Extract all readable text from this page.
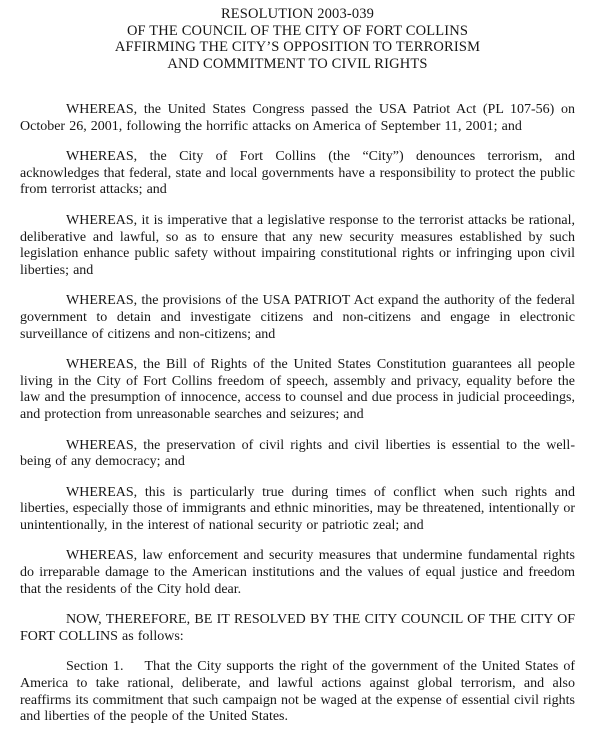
RESOLUTION 2003-039
OF THE COUNCIL OF THE CITY OF FORT COLLINS
AFFIRMING THE CITY’S OPPOSITION TO TERRORISM
AND COMMITMENT TO CIVIL RIGHTS

WHEREAS, the United States Congress passed the USA Patriot Act (PL 107-56) on October 26, 2001, following the horrific attacks on America of September 11, 2001; and

WHEREAS, the City of Fort Collins (the “City”) denounces terrorism, and acknowledges that federal, state and local governments have a responsibility to protect the public from terrorist attacks; and

WHEREAS, it is imperative that a legislative response to the terrorist attacks be rational, deliberative and lawful, so as to ensure that any new security measures established by such legislation enhance public safety without impairing constitutional rights or infringing upon civil liberties; and

WHEREAS, the provisions of the USA PATRIOT Act expand the authority of the federal government to detain and investigate citizens and non-citizens and engage in electronic surveillance of citizens and non-citizens; and

WHEREAS, the Bill of Rights of the United States Constitution guarantees all people living in the City of Fort Collins freedom of speech, assembly and privacy, equality before the law and the presumption of innocence, access to counsel and due process in judicial proceedings, and protection from unreasonable searches and seizures; and

WHEREAS, the preservation of civil rights and civil liberties is essential to the well-being of any democracy; and

WHEREAS, this is particularly true during times of conflict when such rights and liberties, especially those of immigrants and ethnic minorities, may be threatened, intentionally or unintentionally, in the interest of national security or patriotic zeal; and

WHEREAS, law enforcement and security measures that undermine fundamental rights do irreparable damage to the American institutions and the values of equal justice and freedom that the residents of the City hold dear.

NOW, THEREFORE, BE IT RESOLVED BY THE CITY COUNCIL OF THE CITY OF FORT COLLINS as follows:

Section 1.  That the City supports the right of the government of the United States of America to take rational, deliberate, and lawful actions against global terrorism, and also reaffirms its commitment that such campaign not be waged at the expense of essential civil rights and liberties of the people of the United States.
